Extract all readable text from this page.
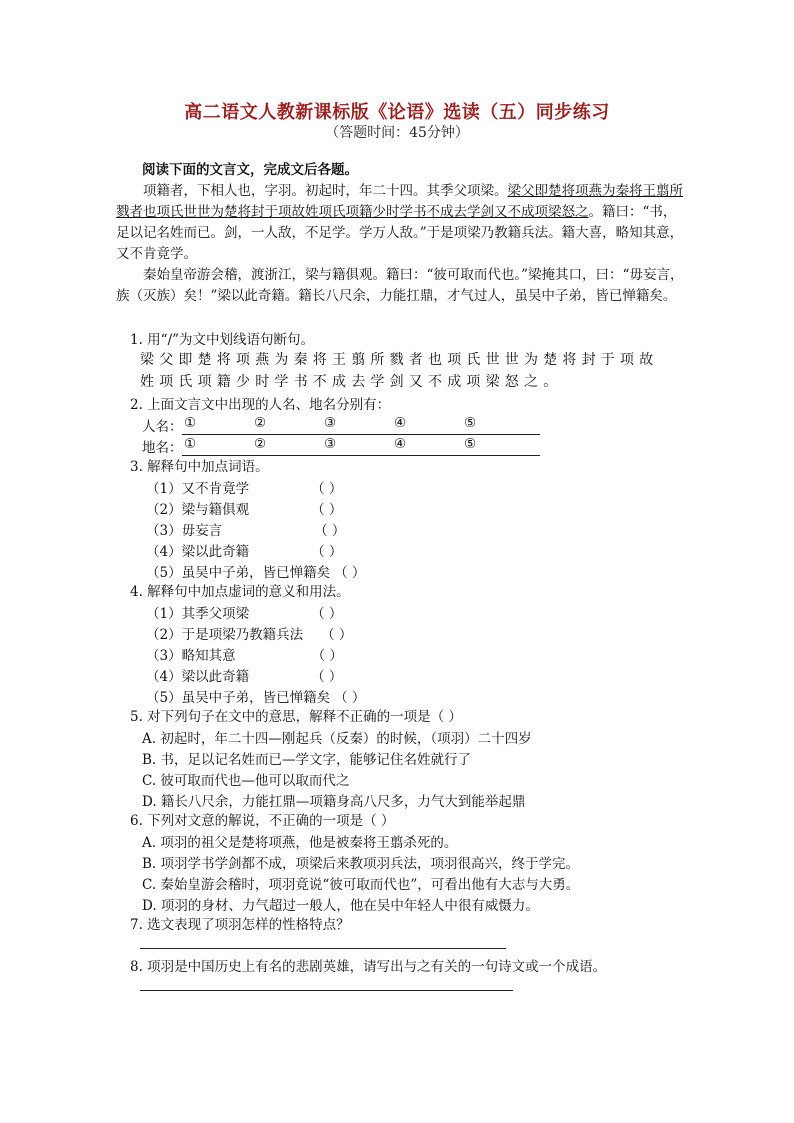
高二语文人教新课标版《论语》选读（五）同步练习
（答题时间：45分钟）
阅读下面的文言文，完成文后各题。

项籍者，下相人也，字羽。初起时，年二十四。其季父项梁。梁父即楚将项燕为秦将王翦所戮者也项氏世世为楚将封于项故姓项氏项籍少时学书不成去学剑又不成项梁怒之。籍曰：“书，足以记名姓而已。剑，一人敌，不足学。学万人敌。”于是项梁乃教籍兵法。籍大喜，略知其意，又不肯竟学。

秦始皇帝游会稽，渡浙江，梁与籍俱观。籍曰：“彼可取而代也。”梁掩其口，曰：“毋妄言，族（灭族）矣！”梁以此奇籍。籍长八尺余，力能扛鼎，才气过人，虽吴中子弟，皆已惮籍矣。

1. 用“/”为文中划线语句断句。
梁父即楚将项燕为秦将王翦所戮者也项氏世世为楚将封于项故
姓项氏项籍少时学书不成去学剑又不成项梁怒之。
2. 上面文言文中出现的人名、地名分别有：
人名： ①	②	③	④	⑤
地名： ①	②	③	④	⑤
3. 解释句中加点词语。
（1）又不肯竟学	（ ）
（2）梁与籍俱观	（ ）
（3）毋妄言	（ ）
（4）梁以此奇籍	（ ）
（5）虽吴中子弟，皆已惮籍矣 （ ）
4. 解释句中加点虚词的意义和用法。
（1）其季父项梁	（ ）
（2）于是项梁乃教籍兵法 （ ）
（3）略知其意	（ ）
（4）梁以此奇籍	（ ）
（5）虽吴中子弟，皆已惮籍矣 （ ）
5. 对下列句子在文中的意思，解释不正确的一项是（ ）
A. 初起时，年二十四—刚起兵（反秦）的时候，（项羽）二十四岁
B. 书，足以记名姓而已—学文字，能够记住名姓就行了
C. 彼可取而代也—他可以取而代之
D. 籍长八尺余，力能扛鼎—项籍身高八尺多，力气大到能举起鼎
6. 下列对文意的解说，不正确的一项是（ ）
A. 项羽的祖父是楚将项燕，他是被秦将王翦杀死的。
B. 项羽学书学剑都不成，项梁后来教项羽兵法，项羽很高兴，终于学完。
C. 秦始皇游会稽时，项羽竟说“彼可取而代也”，可看出他有大志与大勇。
D. 项羽的身材、力气超过一般人，他在吴中年轻人中很有威慑力。
7. 选文表现了项羽怎样的性格特点？
8. 项羽是中国历史上有名的悲剧英雄，请写出与之有关的一句诗文或一个成语。
